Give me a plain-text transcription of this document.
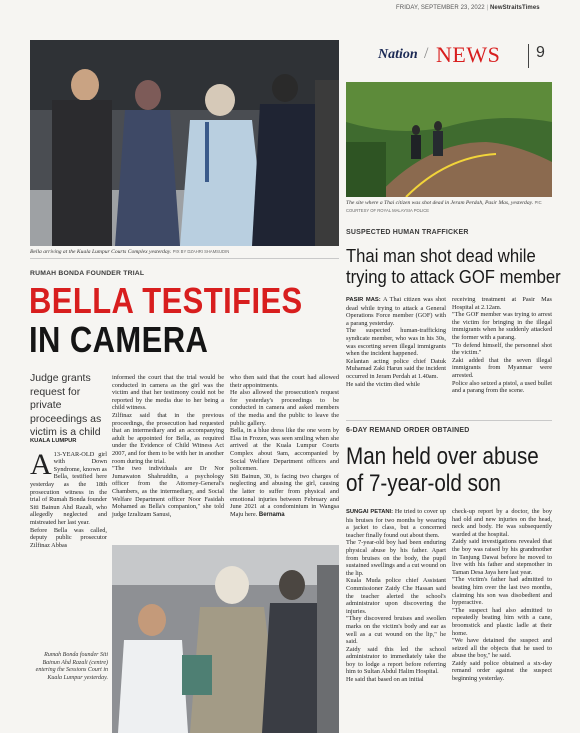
FRIDAY, SEPTEMBER 23, 2022 | NewStraitsTimes
Nation / NEWS 9
Bella arriving at the Kuala Lumpur Courts Complex yesterday. PIX BY DZAHRI SHAMSUDIN
RUMAH BONDA FOUNDER TRIAL
BELLA TESTIFIES
IN CAMERA
Judge grants request for private proceedings as victim is a child
KUALA LUMPUR

A 13-YEAR-OLD girl with Down Syndrome, known as Bella, testified here yesterday as the 18th prosecution witness in the trial of Rumah Bonda founder Siti Bainun Ahd Razali, who allegedly neglected and mistreated her last year.

Before Bella was called, deputy public prosecutor Zilfinaz Abbas

informed the court that the trial would be conducted in camera as the girl was the victim and that her testimony could not be reported by the media due to her being a child witness.

Zilfinaz said that in the previous proceedings, the prosecution had requested that an intermediary and an accompanying adult be appointed for Bella, as required under the Evidence of Child Witness Act 2007, and for them to be with her in another room during the trial.

"The two individuals are Dr Nor Jumawaton Shahruddin, a psychology officer from the Attorney-General's Chambers, as the intermediary, and Social Welfare Department officer Noor Fasidah Mohamed as Bella's companion," she told judge Izralizam Sanusi,

who then said that the court had allowed their appointments.

He also allowed the prosecution's request for yesterday's proceedings to be conducted in camera and asked members of the media and the public to leave the public gallery.

Bella, in a blue dress like the one worn by Elsa in Frozen, was seen smiling when she arrived at the Kuala Lumpur Courts Complex about 9am, accompanied by Social Welfare Department officers and policemen.

Siti Bainun, 30, is facing two charges of neglecting and abusing the girl, causing the latter to suffer from physical and emotional injuries between February and June 2021 at a condominium in Wangsa Maju here. Bernama

Rumah Bonda founder Siti Bainun Ahd Razali (centre) entering the Sessions Court in Kuala Lumpur yesterday.
The site where a Thai citizen was shot dead in Jeram Perdah, Pasir Mas, yesterday. PIC COURTESY OF ROYAL MALAYSIA POLICE
SUSPECTED HUMAN TRAFFICKER
Thai man shot dead while
trying to attack GOF member

PASIR MAS: A Thai citizen was shot dead while trying to attack a General Operations Force member (GOF) with a parang yesterday.

The suspected human-trafficking syndicate member, who was in his 30s, was escorting seven illegal immigrants when the incident happened.

Kelantan acting police chief Datuk Muhamad Zaki Harun said the incident occurred in Jeram Perdah at 1.40am.

He said the victim died while

receiving treatment at Pasir Mas Hospital at 2.12am.

"The GOF member was trying to arrest the victim for bringing in the illegal immigrants when he suddenly attacked the former with a parang.

"To defend himself, the personnel shot the victim."

Zaki added that the seven illegal immigrants from Myanmar were arrested.

Police also seized a pistol, a used bullet and a parang from the scene.

6-DAY REMAND ORDER OBTAINED
Man held over abuse
of 7-year-old son

SUNGAI PETANI: He tried to cover up his bruises for two months by wearing a jacket to class, but a concerned teacher finally found out about them.

The 7-year-old boy had been enduring physical abuse by his father. Apart from bruises on the body, the pupil sustained swellings and a cut wound on the lip.

Kuala Muda police chief Assistant Commissioner Zaidy Che Hassan said the teacher alerted the school's administrator upon discovering the injuries.

"They discovered bruises and swollen marks on the victim's body and ear as well as a cut wound on the lip," he said.

Zaidy said this led the school administrator to immediately take the boy to lodge a report before referring him to Sultan Abdul Halim Hospital.

He said that based on an initial

check-up report by a doctor, the boy had old and new injuries on the head, neck and body. He was subsequently warded at the hospital.

Zaidy said investigations revealed that the boy was raised by his grandmother in Tanjung Dawai before he moved to live with his father and stepmother in Taman Desa Jaya here last year.

"The victim's father had admitted to beating him over the last two months, claiming his son was disobedient and hyperactive.

"The suspect had also admitted to repeatedly beating him with a cane, broomstick and plastic ladle at their home.

"We have detained the suspect and seized all the objects that he used to abuse the boy," he said.

Zaidy said police obtained a six-day remand order against the suspect beginning yesterday.
